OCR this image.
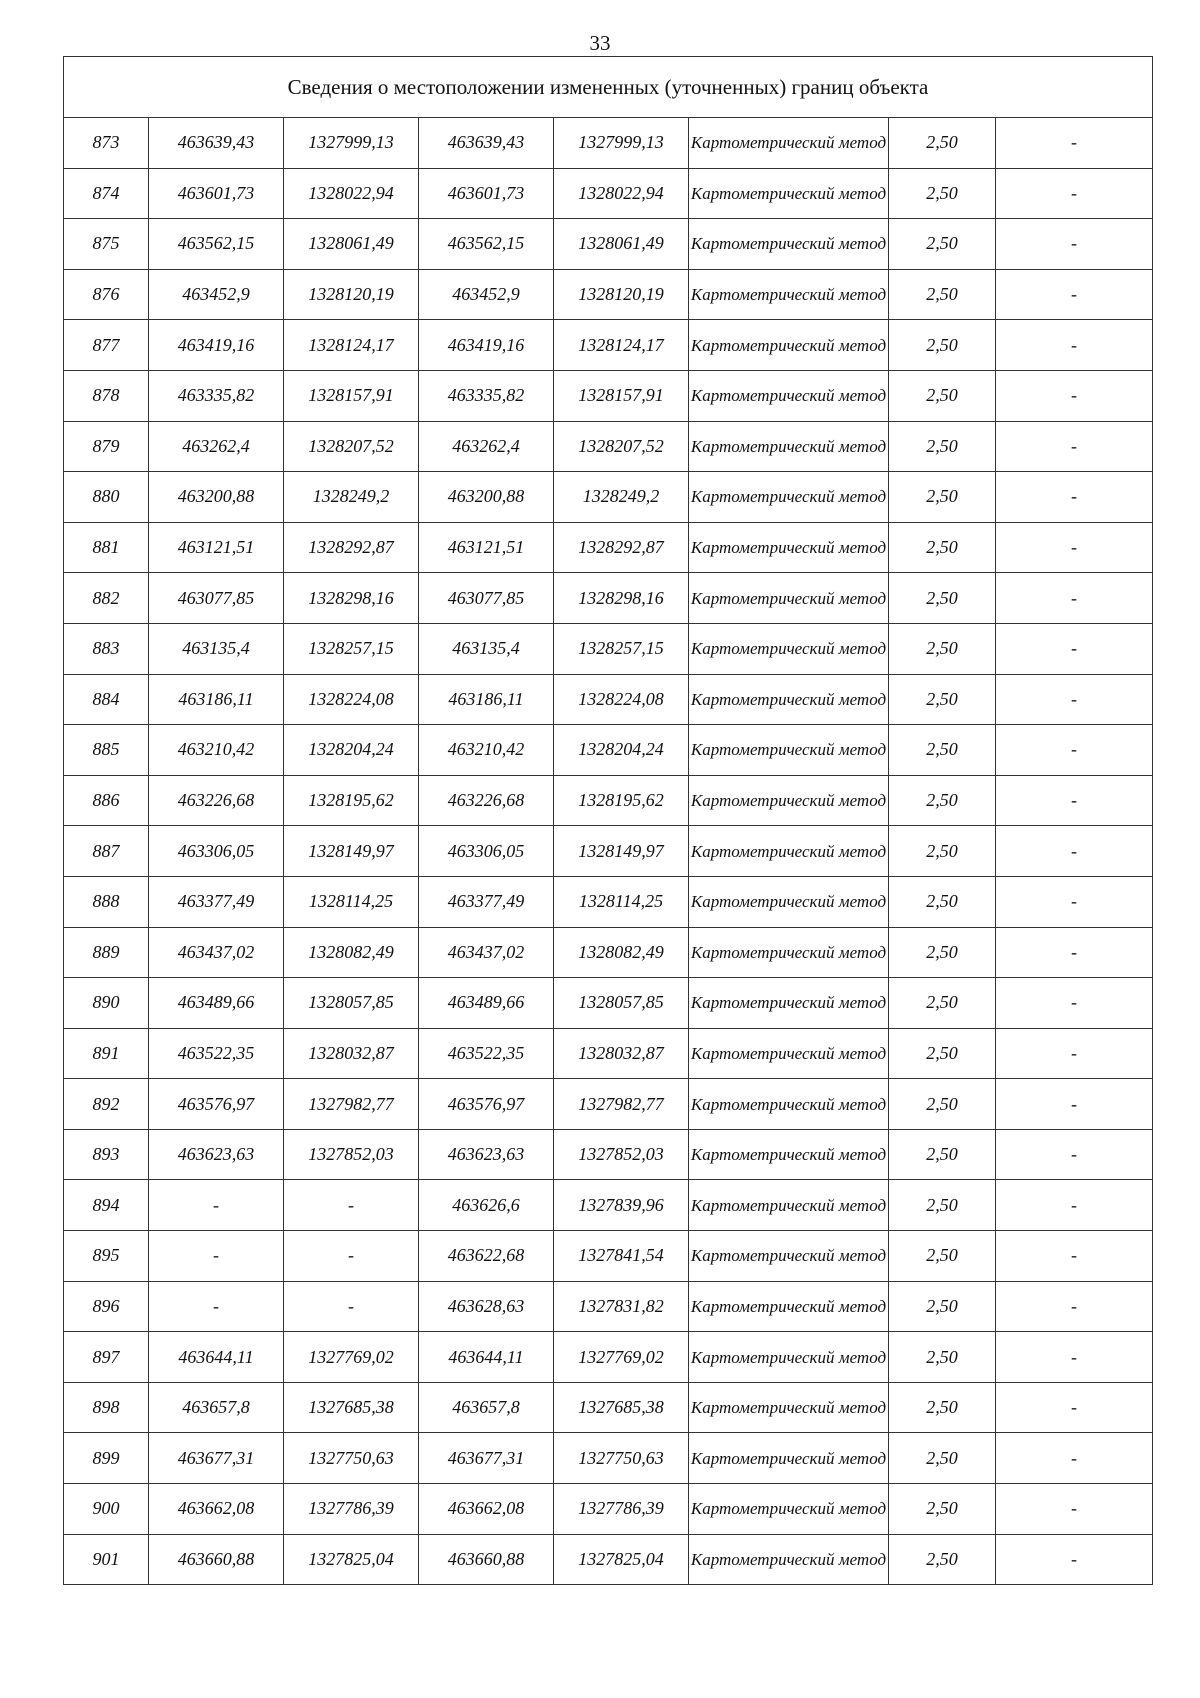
33
Сведения о местоположении измененных (уточненных) границ объекта							
873	463639,43	1327999,13	463639,43	1327999,13	Картометрический метод	2,50	-
874	463601,73	1328022,94	463601,73	1328022,94	Картометрический метод	2,50	-
875	463562,15	1328061,49	463562,15	1328061,49	Картометрический метод	2,50	-
876	463452,9	1328120,19	463452,9	1328120,19	Картометрический метод	2,50	-
877	463419,16	1328124,17	463419,16	1328124,17	Картометрический метод	2,50	-
878	463335,82	1328157,91	463335,82	1328157,91	Картометрический метод	2,50	-
879	463262,4	1328207,52	463262,4	1328207,52	Картометрический метод	2,50	-
880	463200,88	1328249,2	463200,88	1328249,2	Картометрический метод	2,50	-
881	463121,51	1328292,87	463121,51	1328292,87	Картометрический метод	2,50	-
882	463077,85	1328298,16	463077,85	1328298,16	Картометрический метод	2,50	-
883	463135,4	1328257,15	463135,4	1328257,15	Картометрический метод	2,50	-
884	463186,11	1328224,08	463186,11	1328224,08	Картометрический метод	2,50	-
885	463210,42	1328204,24	463210,42	1328204,24	Картометрический метод	2,50	-
886	463226,68	1328195,62	463226,68	1328195,62	Картометрический метод	2,50	-
887	463306,05	1328149,97	463306,05	1328149,97	Картометрический метод	2,50	-
888	463377,49	1328114,25	463377,49	1328114,25	Картометрический метод	2,50	-
889	463437,02	1328082,49	463437,02	1328082,49	Картометрический метод	2,50	-
890	463489,66	1328057,85	463489,66	1328057,85	Картометрический метод	2,50	-
891	463522,35	1328032,87	463522,35	1328032,87	Картометрический метод	2,50	-
892	463576,97	1327982,77	463576,97	1327982,77	Картометрический метод	2,50	-
893	463623,63	1327852,03	463623,63	1327852,03	Картометрический метод	2,50	-
894	-	-	463626,6	1327839,96	Картометрический метод	2,50	-
895	-	-	463622,68	1327841,54	Картометрический метод	2,50	-
896	-	-	463628,63	1327831,82	Картометрический метод	2,50	-
897	463644,11	1327769,02	463644,11	1327769,02	Картометрический метод	2,50	-
898	463657,8	1327685,38	463657,8	1327685,38	Картометрический метод	2,50	-
899	463677,31	1327750,63	463677,31	1327750,63	Картометрический метод	2,50	-
900	463662,08	1327786,39	463662,08	1327786,39	Картометрический метод	2,50	-
901	463660,88	1327825,04	463660,88	1327825,04	Картометрический метод	2,50	-
